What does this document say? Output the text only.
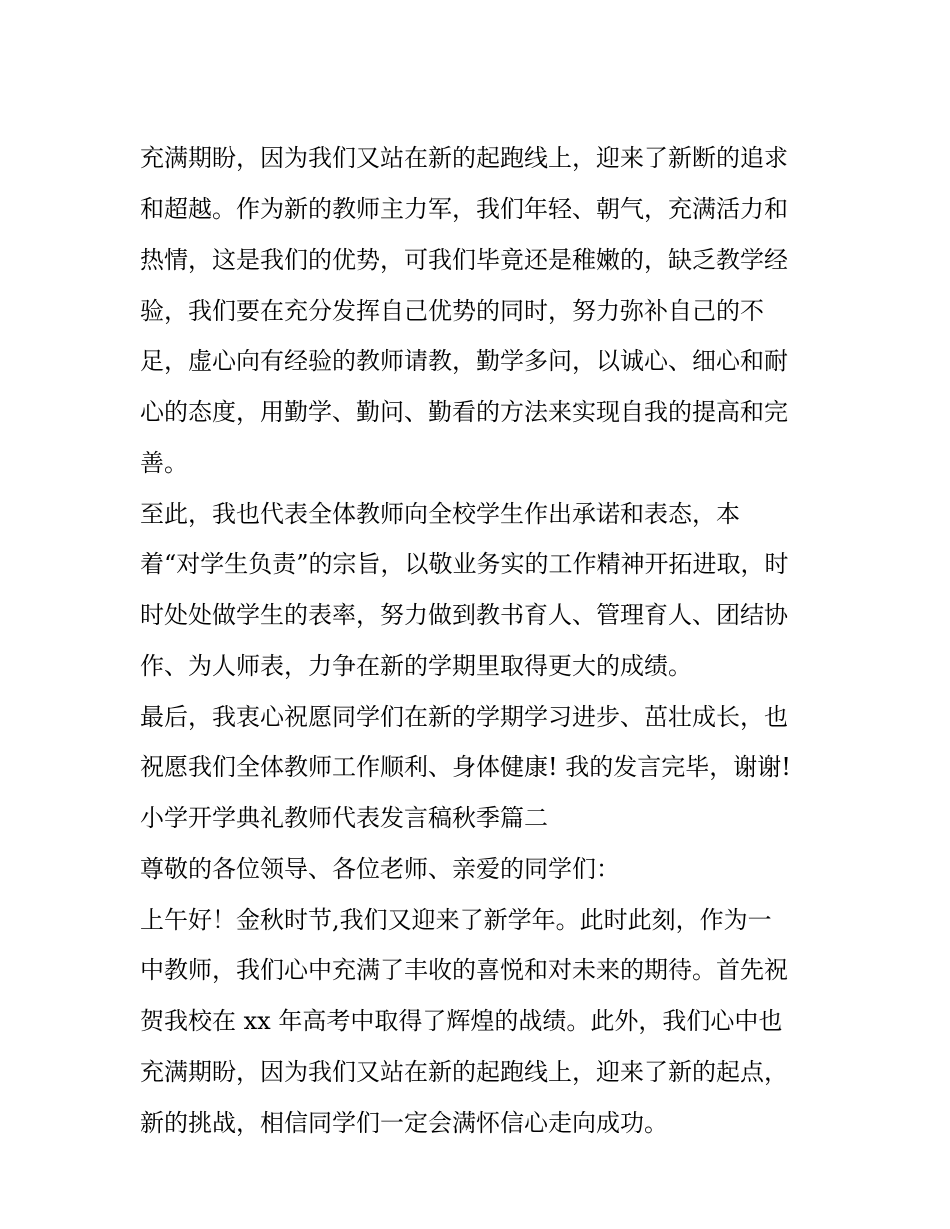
充满期盼，因为我们又站在新的起跑线上，迎来了新断的追求
和超越。作为新的教师主力军，我们年轻、朝气，充满活力和
热情，这是我们的优势，可我们毕竟还是稚嫩的，缺乏教学经
验，我们要在充分发挥自己优势的同时，努力弥补自己的不
足，虚心向有经验的教师请教，勤学多问，以诚心、细心和耐
心的态度，用勤学、勤问、勤看的方法来实现自我的提高和完
善。
至此，我也代表全体教师向全校学生作出承诺和表态，本
着“对学生负责”的宗旨，以敬业务实的工作精神开拓进取，时
时处处做学生的表率，努力做到教书育人、管理育人、团结协
作、为人师表，力争在新的学期里取得更大的成绩。
最后，我衷心祝愿同学们在新的学期学习进步、茁壮成长，也
祝愿我们全体教师工作顺利、身体健康! 我的发言完毕，谢谢!
小学开学典礼教师代表发言稿秋季篇二
尊敬的各位领导、各位老师、亲爱的同学们：
上午好！金秋时节,我们又迎来了新学年。此时此刻，作为一
中教师，我们心中充满了丰收的喜悦和对未来的期待。首先祝
贺我校在 xx 年高考中取得了辉煌的战绩。此外，我们心中也
充满期盼，因为我们又站在新的起跑线上，迎来了新的起点，
新的挑战，相信同学们一定会满怀信心走向成功。
